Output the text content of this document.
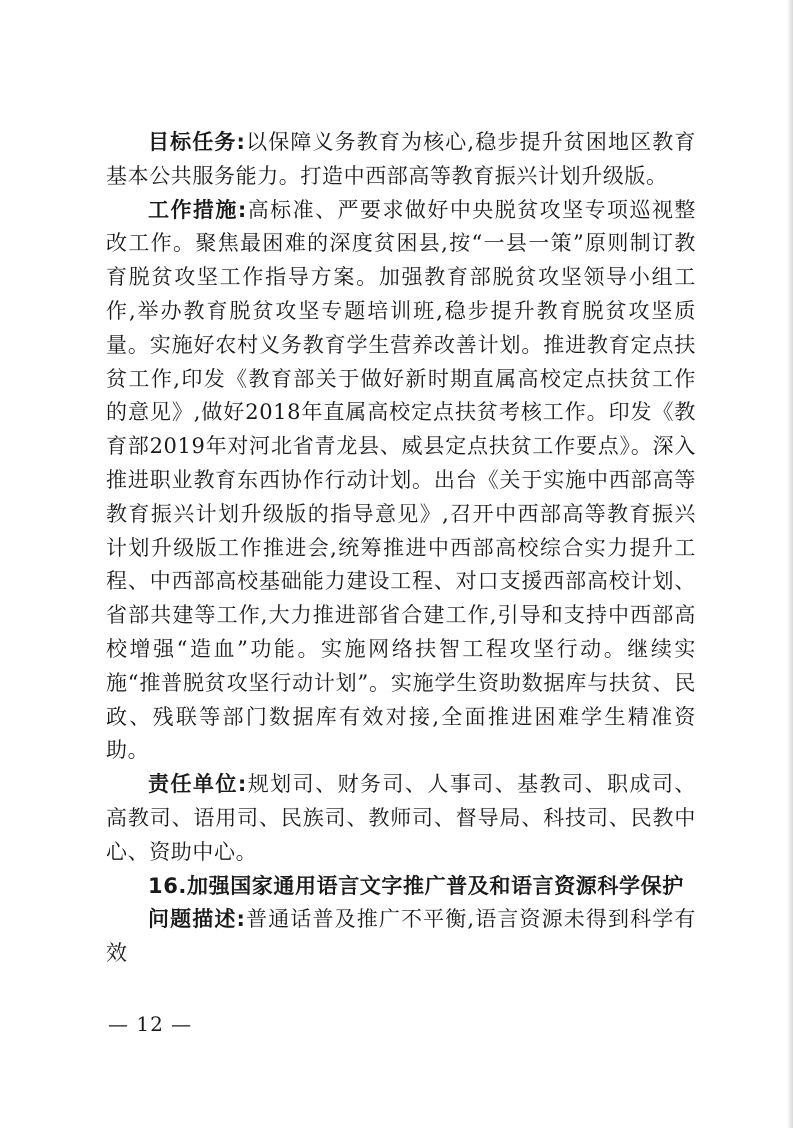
目标任务:以保障义务教育为核心,稳步提升贫困地区教育基本公共服务能力。打造中西部高等教育振兴计划升级版。

工作措施:高标准、严要求做好中央脱贫攻坚专项巡视整改工作。聚焦最困难的深度贫困县,按“一县一策”原则制订教育脱贫攻坚工作指导方案。加强教育部脱贫攻坚领导小组工作,举办教育脱贫攻坚专题培训班,稳步提升教育脱贫攻坚质量。实施好农村义务教育学生营养改善计划。推进教育定点扶贫工作,印发《教育部关于做好新时期直属高校定点扶贫工作的意见》,做好2018年直属高校定点扶贫考核工作。印发《教育部2019年对河北省青龙县、威县定点扶贫工作要点》。深入推进职业教育东西协作行动计划。出台《关于实施中西部高等教育振兴计划升级版的指导意见》,召开中西部高等教育振兴计划升级版工作推进会,统筹推进中西部高校综合实力提升工程、中西部高校基础能力建设工程、对口支援西部高校计划、省部共建等工作,大力推进部省合建工作,引导和支持中西部高校增强“造血”功能。实施网络扶智工程攻坚行动。继续实施“推普脱贫攻坚行动计划”。实施学生资助数据库与扶贫、民政、残联等部门数据库有效对接,全面推进困难学生精准资助。

责任单位:规划司、财务司、人事司、基教司、职成司、高教司、语用司、民族司、教师司、督导局、科技司、民教中心、资助中心。

16.加强国家通用语言文字推广普及和语言资源科学保护

问题描述:普通话普及推广不平衡,语言资源未得到科学有效

— 12 —
